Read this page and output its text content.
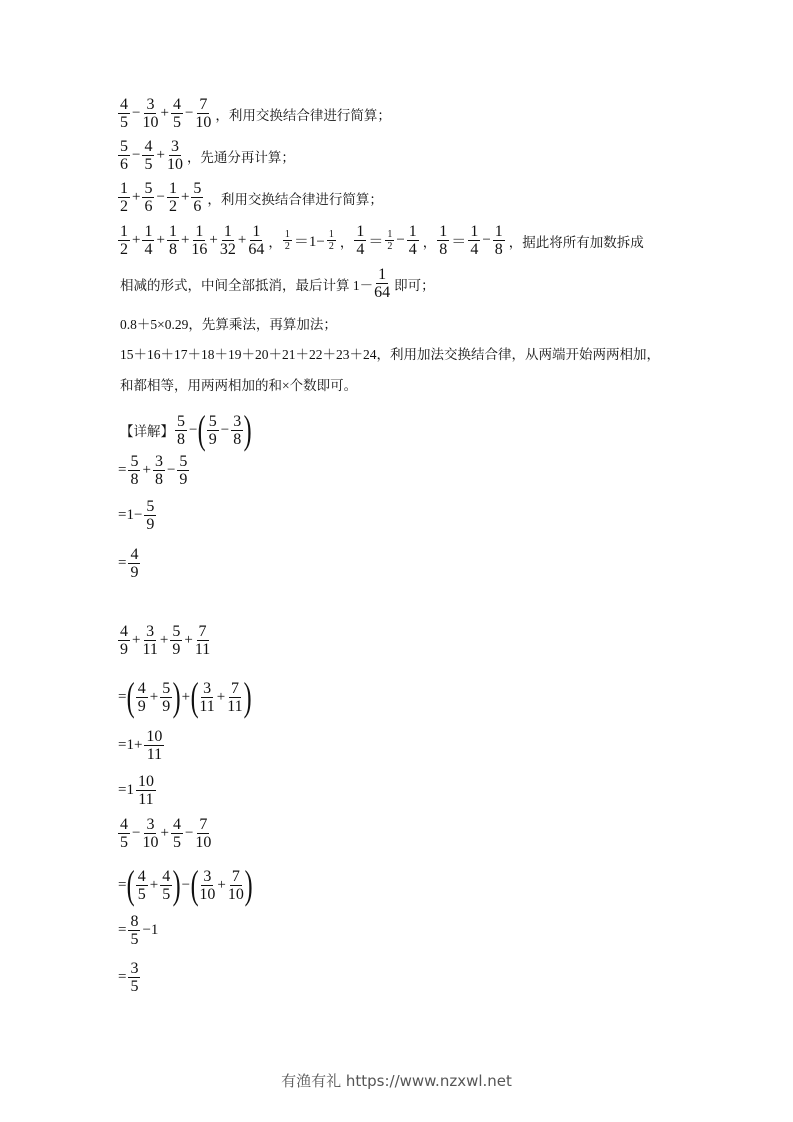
$\frac{4}{5} - \frac{3}{10} + \frac{4}{5} - \frac{7}{10}$ ，利用交换结合律进行简算；
$\frac{5}{6} - \frac{4}{5} + \frac{3}{10}$ ，先通分再计算；
$\frac{1}{2} + \frac{5}{6} - \frac{1}{2} + \frac{5}{6}$ ，利用交换结合律进行简算；
$\frac{1}{2} + \frac{1}{4} + \frac{1}{8} + \frac{1}{16} + \frac{1}{32} + \frac{1}{64}$ ， $\frac{1}{2} =1- \frac{1}{2}$ ， $\frac{1}{4} = \frac{1}{2} - \frac{1}{4}$ ， $\frac{1}{8} = \frac{1}{4} - \frac{1}{8}$ ，据此将所有加数拆成
相减的形式，中间全部抵消，最后计算 $1- \frac{1}{64}$ 即可；
0.8＋5×0.29，先算乘法，再算加法；
15＋16＋17＋18＋19＋20＋21＋22＋23＋24，利用加法交换结合律，从两端开始两两相加，
和都相等，用两两相加的和×个数即可。
【详解】 $\frac{5}{8}$ − ( $\frac{5}{9} - \frac{3}{8}$ )
= $\frac{5}{8} + \frac{3}{8} - \frac{5}{9}$
$=1- \frac{5}{9}$
= $\frac{4}{9}$
$\frac{4}{9} + \frac{3}{11} + \frac{5}{9} + \frac{7}{11}$
= ( $\frac{4}{9} + \frac{5}{9}$ ) + ( $\frac{3}{11} + \frac{7}{11}$ )
$=1+ \frac{10}{11}$
$=1 \frac{10}{11}$
$\frac{4}{5} - \frac{3}{10} + \frac{4}{5} - \frac{7}{10}$
= ( $\frac{4}{5} + \frac{4}{5}$ ) − ( $\frac{3}{10} + \frac{7}{10}$ )
= $\frac{8}{5} -1$
= $\frac{3}{5}$
有渔有礼 https://www.nzxwl.net
